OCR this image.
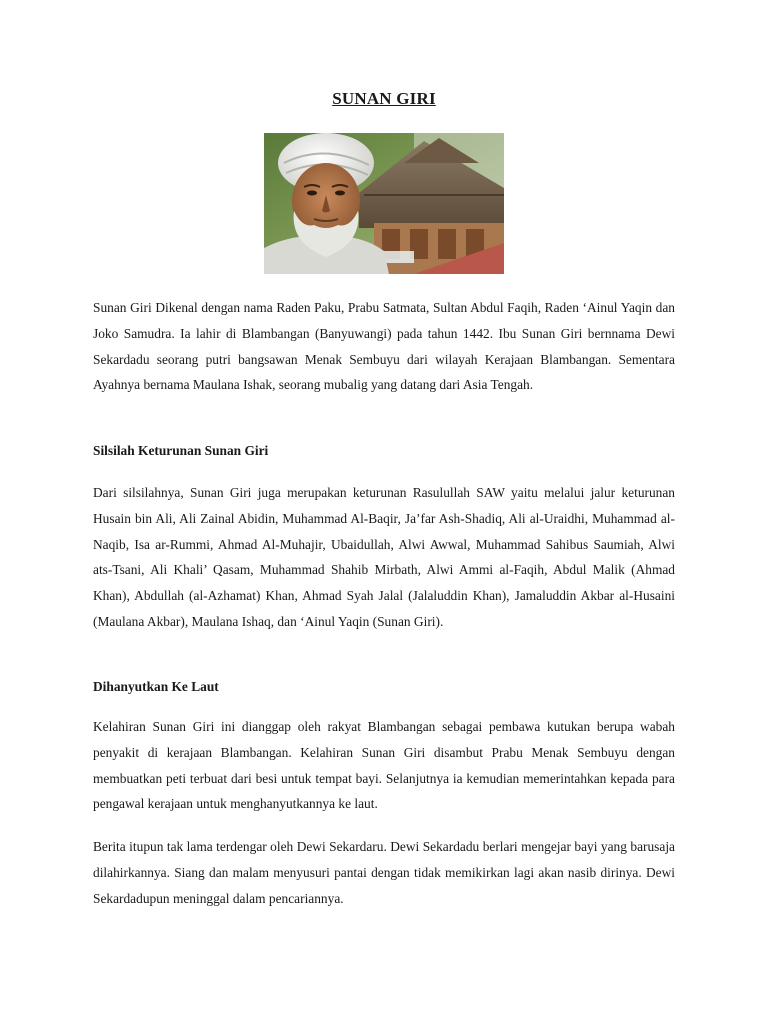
SUNAN GIRI

Sunan Giri Dikenal dengan nama Raden Paku, Prabu Satmata, Sultan Abdul Faqih, Raden ‘Ainul Yaqin dan Joko Samudra. Ia lahir di Blambangan (Banyuwangi) pada tahun 1442. Ibu Sunan Giri bernnama Dewi Sekardadu seorang putri bangsawan Menak Sembuyu dari wilayah Kerajaan Blambangan. Sementara Ayahnya bernama Maulana Ishak, seorang mubalig yang datang dari Asia Tengah.

Silsilah Keturunan Sunan Giri

Dari silsilahnya, Sunan Giri juga merupakan keturunan Rasulullah SAW yaitu melalui jalur keturunan Husain bin Ali, Ali Zainal Abidin, Muhammad Al-Baqir, Ja’far Ash-Shadiq, Ali al-Uraidhi, Muhammad al-Naqib, Isa ar-Rummi, Ahmad Al-Muhajir, Ubaidullah, Alwi Awwal, Muhammad Sahibus Saumiah, Alwi ats-Tsani, Ali Khali’ Qasam, Muhammad Shahib Mirbath, Alwi Ammi al-Faqih, Abdul Malik (Ahmad Khan), Abdullah (al-Azhamat) Khan, Ahmad Syah Jalal (Jalaluddin Khan), Jamaluddin Akbar al-Husaini (Maulana Akbar), Maulana Ishaq, dan ‘Ainul Yaqin (Sunan Giri).

Dihanyutkan Ke Laut

Kelahiran Sunan Giri ini dianggap oleh rakyat Blambangan sebagai pembawa kutukan berupa wabah penyakit di kerajaan Blambangan. Kelahiran Sunan Giri disambut Prabu Menak Sembuyu dengan membuatkan peti terbuat dari besi untuk tempat bayi. Selanjutnya ia kemudian memerintahkan kepada para pengawal kerajaan untuk menghanyutkannya ke laut.

Berita itupun tak lama terdengar oleh Dewi Sekardaru. Dewi Sekardadu berlari mengejar bayi yang barusaja dilahirkannya. Siang dan malam menyusuri pantai dengan tidak memikirkan lagi akan nasib dirinya. Dewi Sekardadupun meninggal dalam pencariannya.
